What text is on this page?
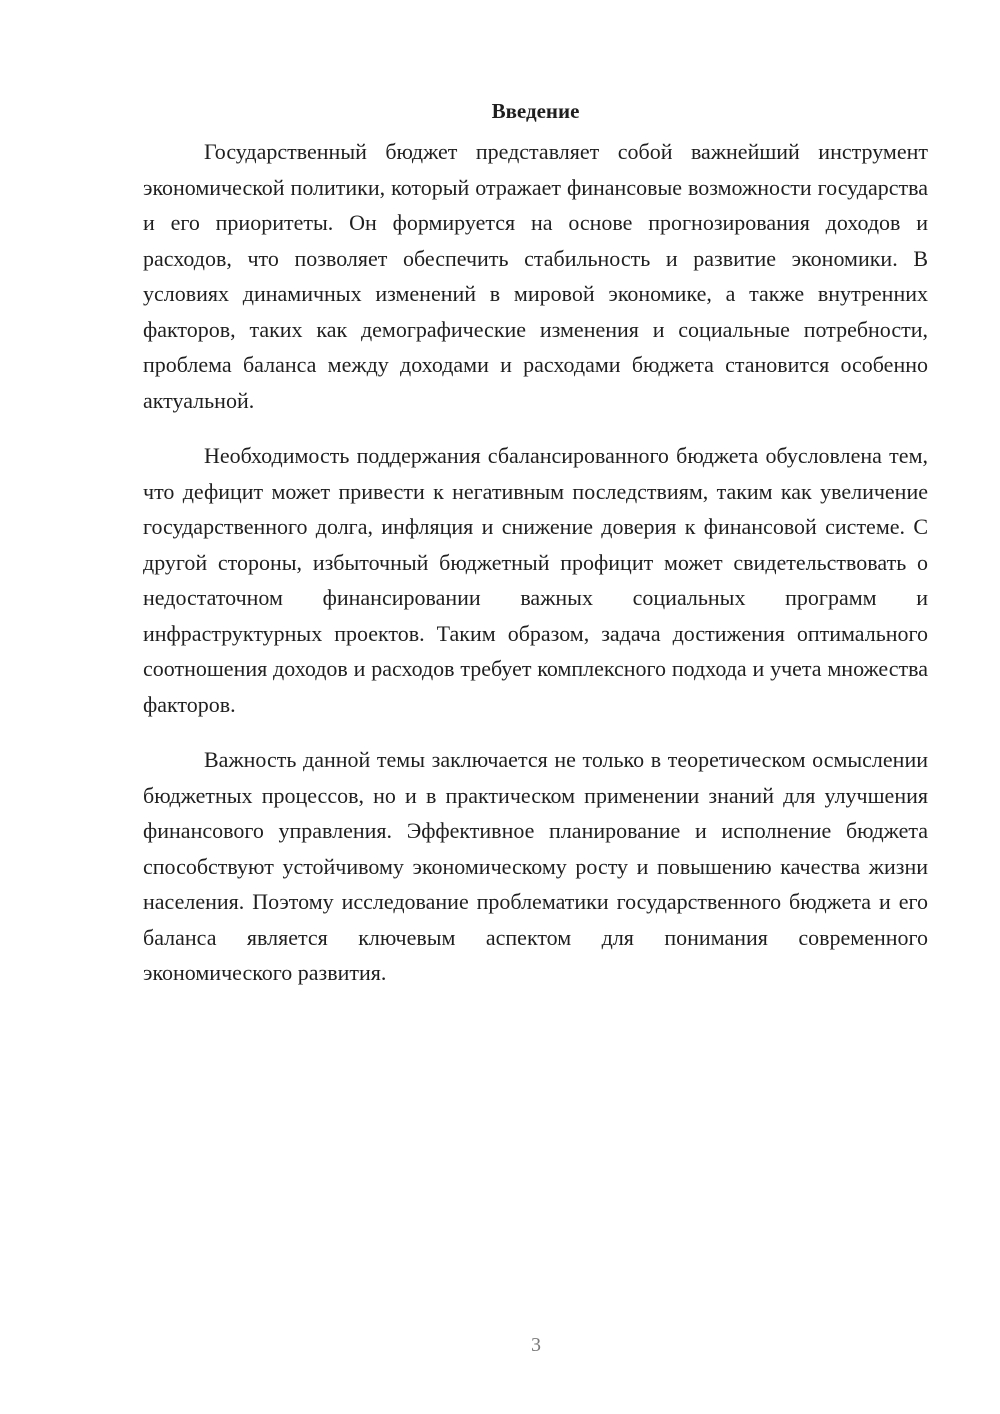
Введение

Государственный бюджет представляет собой важнейший инструмент экономической политики, который отражает финансовые возможности государства и его приоритеты. Он формируется на основе прогнозирования доходов и расходов, что позволяет обеспечить стабильность и развитие экономики. В условиях динамичных изменений в мировой экономике, а также внутренних факторов, таких как демографические изменения и социальные потребности, проблема баланса между доходами и расходами бюджета становится особенно актуальной.

Необходимость поддержания сбалансированного бюджета обусловлена тем, что дефицит может привести к негативным последствиям, таким как увеличение государственного долга, инфляция и снижение доверия к финансовой системе. С другой стороны, избыточный бюджетный профицит может свидетельствовать о недостаточном финансировании важных социальных программ и инфраструктурных проектов. Таким образом, задача достижения оптимального соотношения доходов и расходов требует комплексного подхода и учета множества факторов.

Важность данной темы заключается не только в теоретическом осмыслении бюджетных процессов, но и в практическом применении знаний для улучшения финансового управления. Эффективное планирование и исполнение бюджета способствуют устойчивому экономическому росту и повышению качества жизни населения. Поэтому исследование проблематики государственного бюджета и его баланса является ключевым аспектом для понимания современного экономического развития.

3
